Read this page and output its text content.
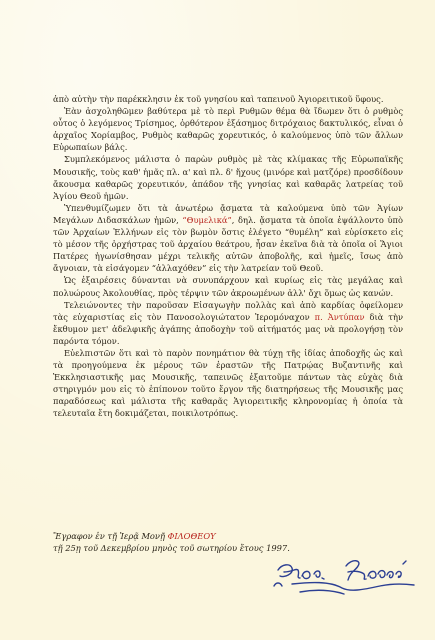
ἀπὸ αὐτὴν τὴν παρέκκλησιν ἐκ τοῦ γνησίου καὶ ταπεινοῦ Ἁγιορειτικοῦ ὕφους.

Ἐὰν ἀσχοληθῶμεν βαθύτερα μὲ τὸ περὶ Ρυθμῶν θέμα θὰ ἴδωμεν ὅτι ὁ ρυθμὸς οὗτος ὁ λεγόμενος Τρίσημος, ὀρθότερον ἑξάσημος διτρόχαιος δακτυλικός, εἶναι ὁ ἀρχαῖος Χορίαμβος, Ρυθμὸς καθαρῶς χορευτικός, ὁ καλούμενος ὑπὸ τῶν ἄλλων Εὐρωπαίων βάλς.

Συμπλεκόμενος μάλιστα ὁ παρὼν ρυθμὸς μὲ τὰς κλίμακας τῆς Εὐρωπαϊκῆς Μουσικῆς, τοὺς καθ' ἡμᾶς πλ. α' καὶ πλ. δ' ἤχους (μινόρε καὶ ματζόρε) προσδίδουν ἄκουσμα καθαρῶς χορευτικόν, ἀπάδον τῆς γνησίας καὶ καθαρᾶς λατρείας τοῦ Ἁγίου Θεοῦ ἡμῶν.

Ὑπενθυμίζωμεν ὅτι τὰ ἀνωτέρω ᾄσματα τὰ καλούμενα ὑπὸ τῶν Ἁγίων Μεγάλων Διδασκάλων ἡμῶν, “Θυμελικά”, δηλ. ᾄσματα τὰ ὁποῖα ἐψάλλοντο ὑπὸ τῶν Ἀρχαίων Ἑλλήνων εἰς τὸν βωμὸν ὅστις ἐλέγετο “θυμέλη” καὶ εὑρίσκετο εἰς τὸ μέσον τῆς ὀρχήστρας τοῦ ἀρχαίου θεάτρου, ἦσαν ἐκεῖνα διὰ τὰ ὁποῖα οἱ Ἅγιοι Πατέρες ἠγωνίσθησαν μέχρι τελικῆς αὐτῶν ἀποβολῆς, καὶ ἡμεῖς, ἴσως ἀπὸ ἄγνοιαν, τὰ εἰσάγομεν “ἀλλαχόθεν” εἰς τὴν λατρείαν τοῦ Θεοῦ.

Ὡς ἐξαιρέσεις δύνανται νὰ συνυπάρχουν καὶ κυρίως εἰς τὰς μεγάλας καὶ πολυώρους Ἀκολουθίας, πρὸς τέρψιν τῶν ἀκροωμένων ἀλλ' ὄχι ὅμως ὡς κανών.

Τελειώνοντες τὴν παροῦσαν Εἰσαγωγὴν πολλὰς καὶ ἀπὸ καρδίας ὀφείλομεν τὰς εὐχαριστίας εἰς τὸν Πανοσολογιώτατον Ἱερομόναχον π. Ἀντύπαν διὰ τὴν ἔκθυμον μετ' ἀδελφικῆς ἀγάπης ἀποδοχὴν τοῦ αἰτήματός μας νὰ προλογήσῃ τὸν παρόντα τόμον.

Εὐελπιστῶν ὅτι καὶ τὸ παρὸν πονημάτιον θὰ τύχῃ τῆς ἰδίας ἀποδοχῆς ὡς καὶ τὰ προηγούμενα ἐκ μέρους τῶν ἐραστῶν τῆς Πατρῴας Βυζαντινῆς καὶ Ἐκκλησιαστικῆς μας Μουσικῆς, ταπεινῶς ἐξαιτοῦμε πάντων τὰς εὐχὰς διὰ στηριγμόν μου εἰς τὸ ἐπίπονον τοῦτο ἔργον τῆς διατηρήσεως τῆς Μουσικῆς μας παραδόσεως καὶ μάλιστα τῆς καθαρᾶς Ἁγιορειτικῆς κληρονομίας ἡ ὁποία τὰ τελευταῖα ἔτη δοκιμάζεται, ποικιλοτρόπως.

Ἔγραφον ἐν τῇ Ἱερᾷ Μονῇ ΦΙΛΟΘΕΟΥ
τῇ 25ῃ τοῦ Δεκεμβρίου μηνὸς τοῦ σωτηρίου ἔτους 1997.
